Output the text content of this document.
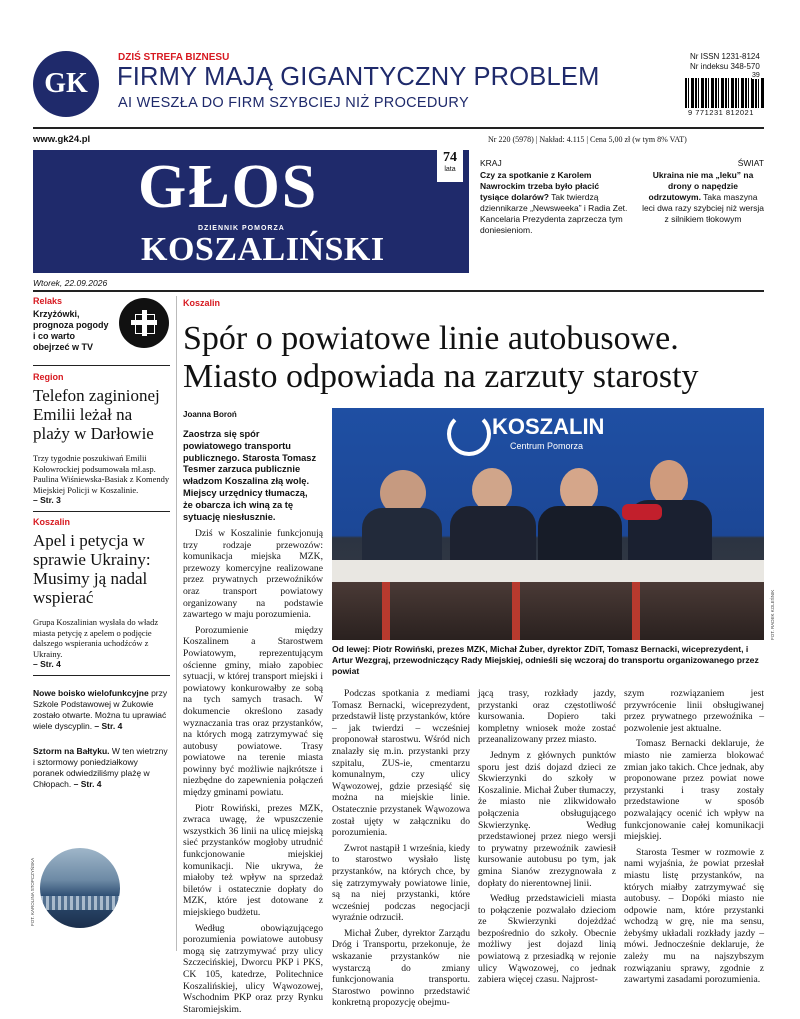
GK
DZIŚ STREFA BIZNESU
FIRMY MAJĄ GIGANTYCZNY PROBLEM
AI WESZŁA DO FIRM SZYBCIEJ NIŻ PROCEDURY
Nr ISSN 1231-8124
Nr indeksu 348-570
39
9 771231 812021
www.gk24.pl	Nr 220 (5978) | Nakład: 4.115 | Cena 5,00 zł (w tym 8% VAT)
GŁOS
DZIENNIK POMORZA
KOSZALIŃSKI
74
lata
Wtorek, 22.09.2026
KRAJ
Czy za spotkanie z Karolem Nawrockim trzeba było płacić tysiące dolarów? Tak twierdzą dziennikarze „Newsweeka” i Radia Zet. Kancelaria Prezydenta zaprzecza tym doniesieniom.
ŚWIAT
Ukraina nie ma „leku” na drony o napędzie odrzutowym. Taka maszyna leci dwa razy szybciej niż wersja z silnikiem tłokowym
Relaks
Krzyżówki, prognoza pogody i co warto obejrzeć w TV
Region
Telefon zaginionej Emilii leżał na plaży w Darłowie
Trzy tygodnie poszukiwań Emilii Kołowrockiej podsumowała mł.asp. Paulina Wiśniewska-Basiak z Komendy Miejskiej Policji w Koszalinie.
– Str. 3
Koszalin
Apel i petycja w sprawie Ukrainy: Musimy ją nadal wspierać
Grupa Koszalinian wysłała do władz miasta petycję z apelem o podjęcie dalszego wspierania uchodźców z Ukrainy.
– Str. 4
Nowe boisko wielofunkcyjne przy Szkole Podstawowej w Żukowie zostało otwarte. Można tu uprawiać wiele dyscyplin. – Str. 4
Sztorm na Bałtyku. W ten wietrzny i sztormowy poniedziałkowy poranek odwiedziliśmy plażę w Chłopach. – Str. 4
FOT. KAROLINA STOPCZYŃSKA
Koszalin
Spór o powiatowe linie autobusowe.
Miasto odpowiada na zarzuty starosty
Joanna Boroń
Zaostrza się spór powiatowego transportu publicznego. Starosta Tomasz Tesmer zarzuca publicznie władzom Koszalina złą wolę. Miejscy urzędnicy tłumaczą, że obarcza ich winą za tę sytuację niesłusznie.

Dziś w Koszalinie funkcjonują trzy rodzaje przewozów: komunikacja miejska MZK, przewozy komercyjne realizowane przez prywatnych przewoźników oraz transport powiatowy organizowany na podstawie zawartego w maju porozumienia.

Porozumienie między Koszalinem a Starostwem Powiatowym, reprezentującym ościenne gminy, miało zapobiec sytuacji, w której transport miejski i powiatowy konkurowałby ze sobą na tych samych trasach. W dokumencie określono zasady wyznaczania tras oraz przystanków, na których mogą zatrzymywać się autobusy powiatowe. Trasy powiatowe na terenie miasta powinny być możliwie najkrótsze i niezbędne do zapewnienia połączeń między gminami powiatu.

Piotr Rowiński, prezes MZK, zwraca uwagę, że wpuszczenie wszystkich 36 linii na ulicę miejską sieć przystanków mogłoby utrudnić funkcjonowanie miejskiej komunikacji. Nie ukrywa, że miałoby też wpływ na sprzedaż biletów i ostatecznie dopłaty do MZK, które jest dotowane z miejskiego budżetu.

Według obowiązującego porozumienia powiatowe autobusy mogą się zatrzymywać przy ulicy Szczecińskiej, Dworcu PKP i PKS, CK 105, katedrze, Politechnice Koszalińskiej, ulicy Wąwozowej, Wschodnim PKP oraz przy Rynku Staromiejskim.

KOSZALIN
Centrum Pomorza
FOT. RADEK KOLEŚNIK
Od lewej: Piotr Rowiński, prezes MZK, Michał Żuber, dyrektor ZDiT, Tomasz Bernacki, wiceprezydent, i Artur Wezgraj, przewodniczący Rady Miejskiej, odnieśli się wczoraj do transportu organizowanego przez powiat

Podczas spotkania z mediami Tomasz Bernacki, wiceprezydent, przedstawił listę przystanków, które – jak twierdzi – wcześniej proponował starostwu. Wśród nich znalazły się m.in. przystanki przy szpitalu, ZUS-ie, cmentarzu komunalnym, czy ulicy Wąwozowej, gdzie przesiąść się można na miejskie linie. Ostatecznie przystanek Wąwozowa został ujęty w załączniku do porozumienia.

Zwrot nastąpił 1 września, kiedy to starostwo wysłało listę przystanków, na których chce, by się zatrzymywały powiatowe linie, są na niej przystanki, które wcześniej podczas negocjacji wyraźnie odrzucił.

Michał Żuber, dyrektor Zarządu Dróg i Transportu, przekonuje, że wskazanie przystanków nie wystarczą do zmiany funkcjonowania transportu. Starostwo powinno przedstawić konkretną propozycję obejmu-

jącą trasy, rozkłady jazdy, przystanki oraz częstotliwość kursowania. Dopiero taki kompletny wniosek może zostać przeanalizowany przez miasto.

Jednym z głównych punktów sporu jest dziś dojazd dzieci ze Skwierzynki do szkoły w Koszalinie. Michał Żuber tłumaczy, że miasto nie zlikwidowało połączenia obsługującego Skwierzynkę. Według przedstawionej przez niego wersji to prywatny przewoźnik zawiesił kursowanie autobusu po tym, jak gmina Sianów zrezygnowała z dopłaty do nierentownej linii.

Według przedstawicieli miasta to połączenie pozwalało dzieciom ze Skwierzynki dojeżdżać bezpośrednio do szkoły. Obecnie możliwy jest dojazd linią powiatową z przesiadką w rejonie ulicy Wąwozowej, co jednak zabiera więcej czasu. Najprost-

szym rozwiązaniem jest przywrócenie linii obsługiwanej przez prywatnego przewoźnika – pozwolenie jest aktualne.

Tomasz Bernacki deklaruje, że miasto nie zamierza blokować zmian jako takich. Chce jednak, aby proponowane przez powiat nowe przystanki i trasy zostały przedstawione w sposób pozwalający ocenić ich wpływ na funkcjonowanie całej komunikacji miejskiej.

Starosta Tesmer w rozmowie z nami wyjaśnia, że powiat przesłał miastu listę przystanków, na których miałby zatrzymywać się autobusy. – Dopóki miasto nie odpowie nam, które przystanki wchodzą w grę, nie ma sensu, żebyśmy układali rozkłady jazdy – mówi. Jednocześnie deklaruje, że zależy mu na najszybszym rozwiązaniu sprawy, zgodnie z zawartymi zasadami porozumienia.
